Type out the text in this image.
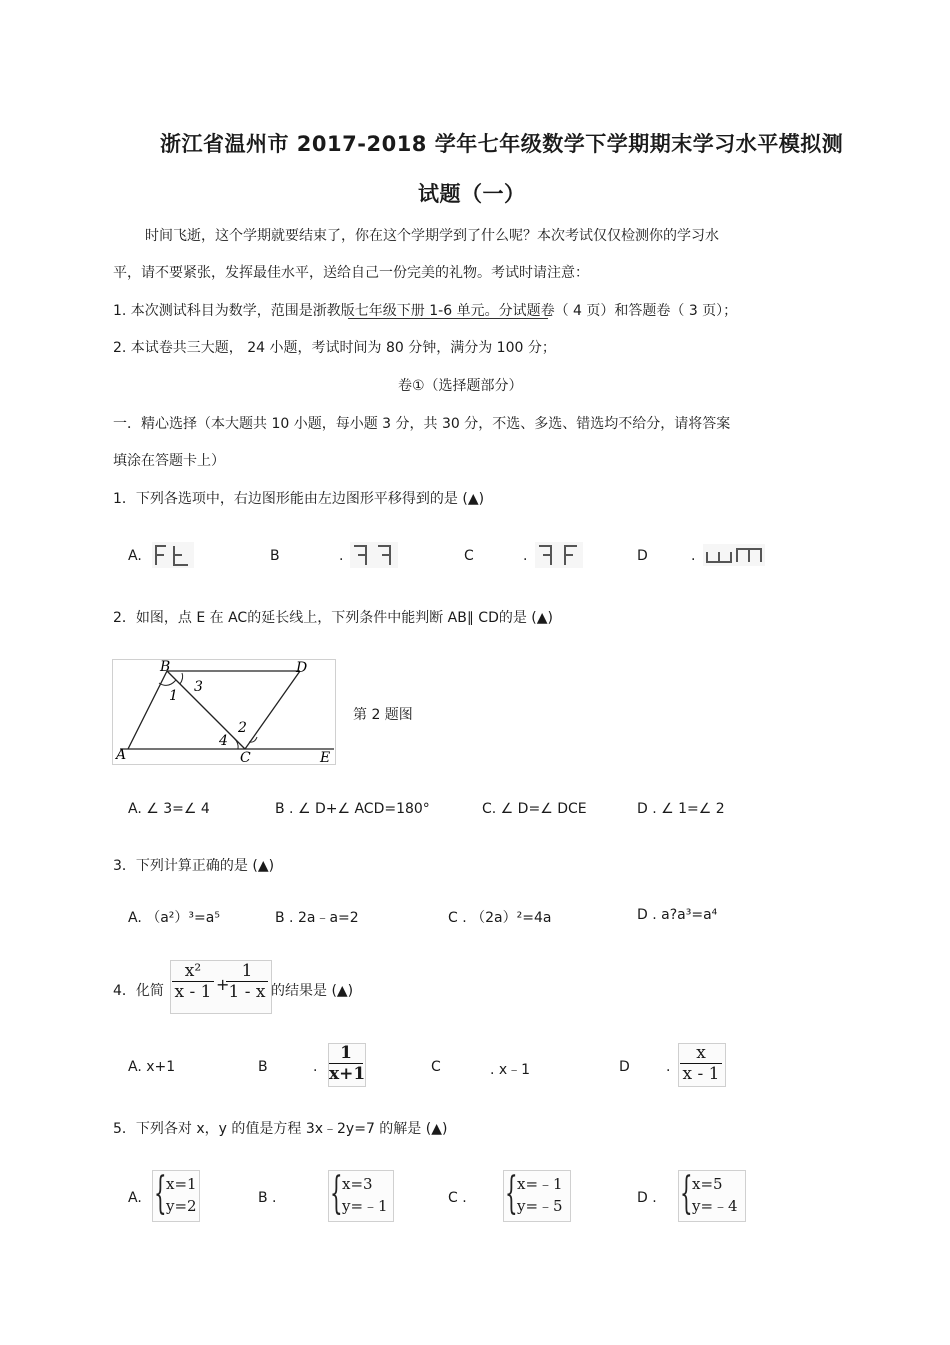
浙江省温州市 2017-2018 学年七年级数学下学期期末学习水平模拟测
试题（一）
时间飞逝，这个学期就要结束了，你在这个学期学到了什么呢？本次考试仅仅检测你的学习水
平，请不要紧张，发挥最佳水平，送给自己一份完美的礼物。考试时请注意：
1. 本次测试科目为数学，范围是浙教版七年级下册 1-6 单元。分试题卷（ 4 页）和答题卷（ 3 页）；
2. 本试卷共三大题， 24 小题，考试时间为 80 分钟，满分为 100 分；
卷①（选择题部分）
一．精心选择（本大题共 10 小题，每小题 3 分，共 30 分，不选、多选、错选均不给分，请将答案
填涂在答题卡上）
1．下列各选项中，右边图形能由左边图形平移得到的是 (▲)
A.	B	.	C	.	D	.
2．如图，点 E 在 AC的延长线上，下列条件中能判断 AB∥ CD的是 (▲)
B	D
1
3
2
4
A	C	E
第 2 题图
A. ∠ 3=∠ 4	B . ∠ D+∠ ACD=180°	C. ∠ D=∠ DCE	D . ∠ 1=∠ 2
3．下列计算正确的是 (▲)
A. （a²）³=a⁵	B . 2a﹣a=2	C . （2a）²=4a	D . a?a³=a⁴
4．化简 $\frac{\text{x²}}{x - 1}$ +
$\frac{1}{1 - x}$ 的结果是 (▲)
A. x+1	B	. $\frac{1}{x+1}$	C	. x﹣1	D	. $\frac{x}{x - 1}$
5．下列各对 x，y 的值是方程 3x﹣2y=7 的解是 (▲)
A. { x=1
y=2	B . { x=3
y=﹣1	C . { x=﹣1
y=﹣5	D . { x=5
y=﹣4
